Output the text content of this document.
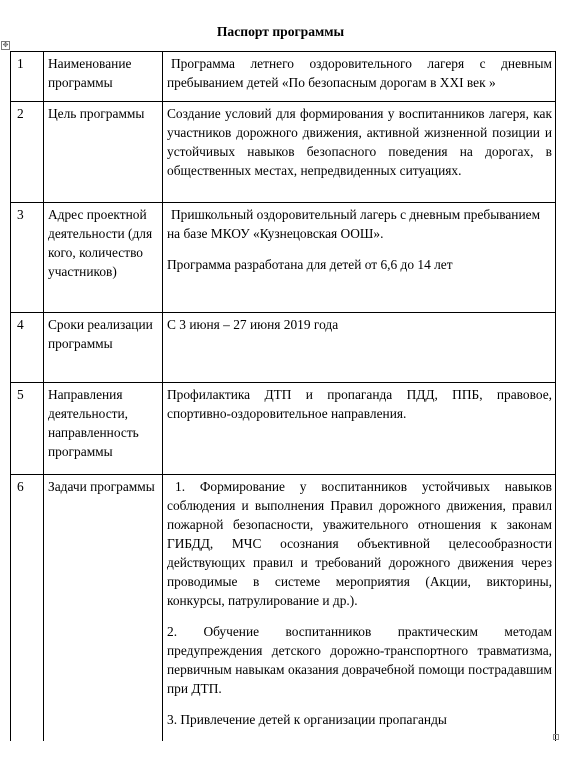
Паспорт программы
✥
1	Наименование программы	Программа летнего оздоровительного лагеря с дневным пребыванием детей «По безопасным дорогам в XXI век »

2	Цель программы	Создание условий для формирования у воспитанников лагеря, как участников дорожного движения, активной жизненной позиции и устойчивых навыков безопасного поведения на дорогах, в общественных местах, непредвиденных ситуациях.

3	Адрес проектной деятельности (для кого, количество участников)	Пришкольный оздоровительный лагерь с дневным пребыванием на базе МКОУ «Кузнецовская ООШ».

Программа разработана для детей от 6,6 до 14 лет

4	Сроки реализации программы	С 3 июня – 27 июня 2019 года

5	Направления деятельности, направленность программы	Профилактика ДТП и пропаганда ПДД, ППБ, правовое, спортивно-оздоровительное направления.

6	Задачи программы	1. Формирование у воспитанников устойчивых навыков соблюдения и выполнения Правил дорожного движения, правил пожарной безопасности, уважительного отношения к законам ГИБДД, МЧС осознания объективной целесообразности действующих правил и требований дорожного движения через проводимые в системе мероприятия (Акции, викторины, конкурсы, патрулирование и др.).

2. Обучение воспитанников практическим методам предупреждения детского дорожно-транспортного травматизма, первичным навыкам оказания доврачебной помощи пострадавшим при ДТП.

3. Привлечение детей к организации пропаганды
